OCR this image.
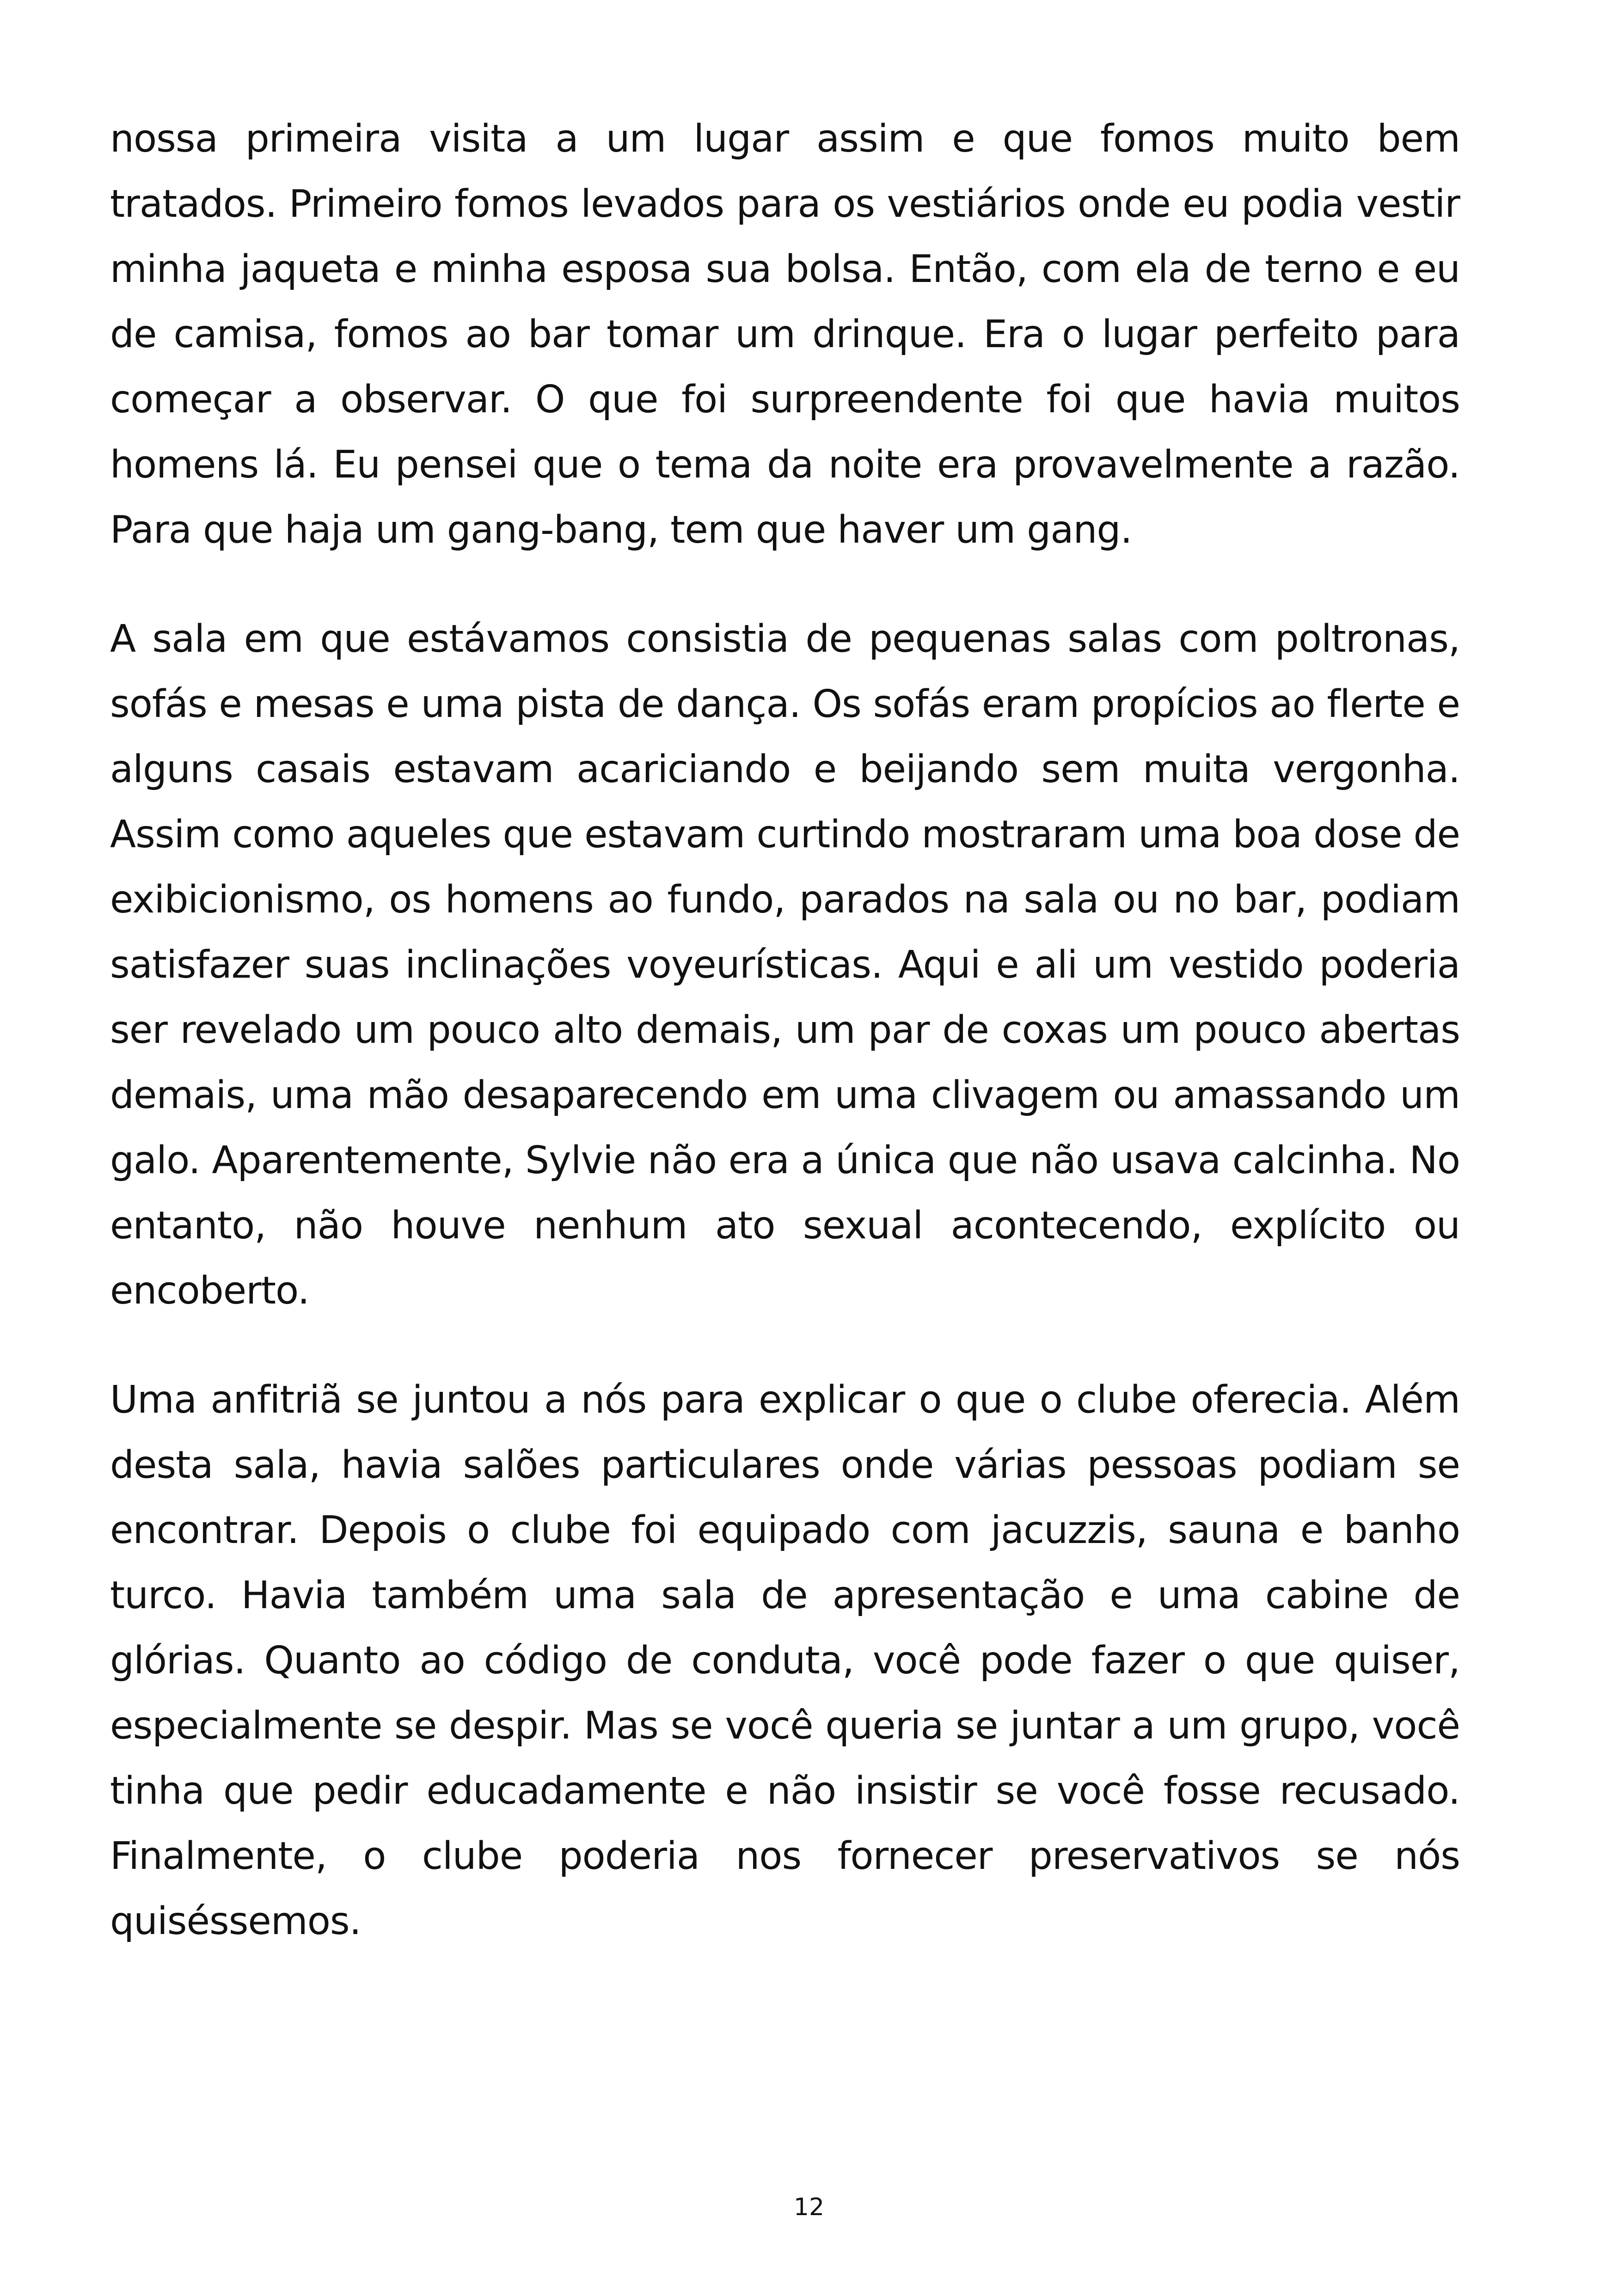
nossa primeira visita a um lugar assim e que fomos muito bem tratados. Primeiro fomos levados para os vestiários onde eu podia vestir minha jaqueta e minha esposa sua bolsa. Então, com ela de terno e eu de camisa, fomos ao bar tomar um drinque. Era o lugar perfeito para começar a observar. O que foi surpreendente foi que havia muitos homens lá. Eu pensei que o tema da noite era provavelmente a razão. Para que haja um gang-bang, tem que haver um gang.

A sala em que estávamos consistia de pequenas salas com poltronas, sofás e mesas e uma pista de dança. Os sofás eram propícios ao flerte e alguns casais estavam acariciando e beijando sem muita vergonha. Assim como aqueles que estavam curtindo mostraram uma boa dose de exibicionismo, os homens ao fundo, parados na sala ou no bar, podiam satisfazer suas inclinações voyeurísticas. Aqui e ali um vestido poderia ser revelado um pouco alto demais, um par de coxas um pouco abertas demais, uma mão desaparecendo em uma clivagem ou amassando um galo. Aparentemente, Sylvie não era a única que não usava calcinha. No entanto, não houve nenhum ato sexual acontecendo, explícito ou encoberto.

Uma anfitriã se juntou a nós para explicar o que o clube oferecia. Além desta sala, havia salões particulares onde várias pessoas podiam se encontrar. Depois o clube foi equipado com jacuzzis, sauna e banho turco. Havia também uma sala de apresentação e uma cabine de glórias. Quanto ao código de conduta, você pode fazer o que quiser, especialmente se despir. Mas se você queria se juntar a um grupo, você tinha que pedir educadamente e não insistir se você fosse recusado. Finalmente, o clube poderia nos fornecer preservativos se nós quiséssemos.

12
